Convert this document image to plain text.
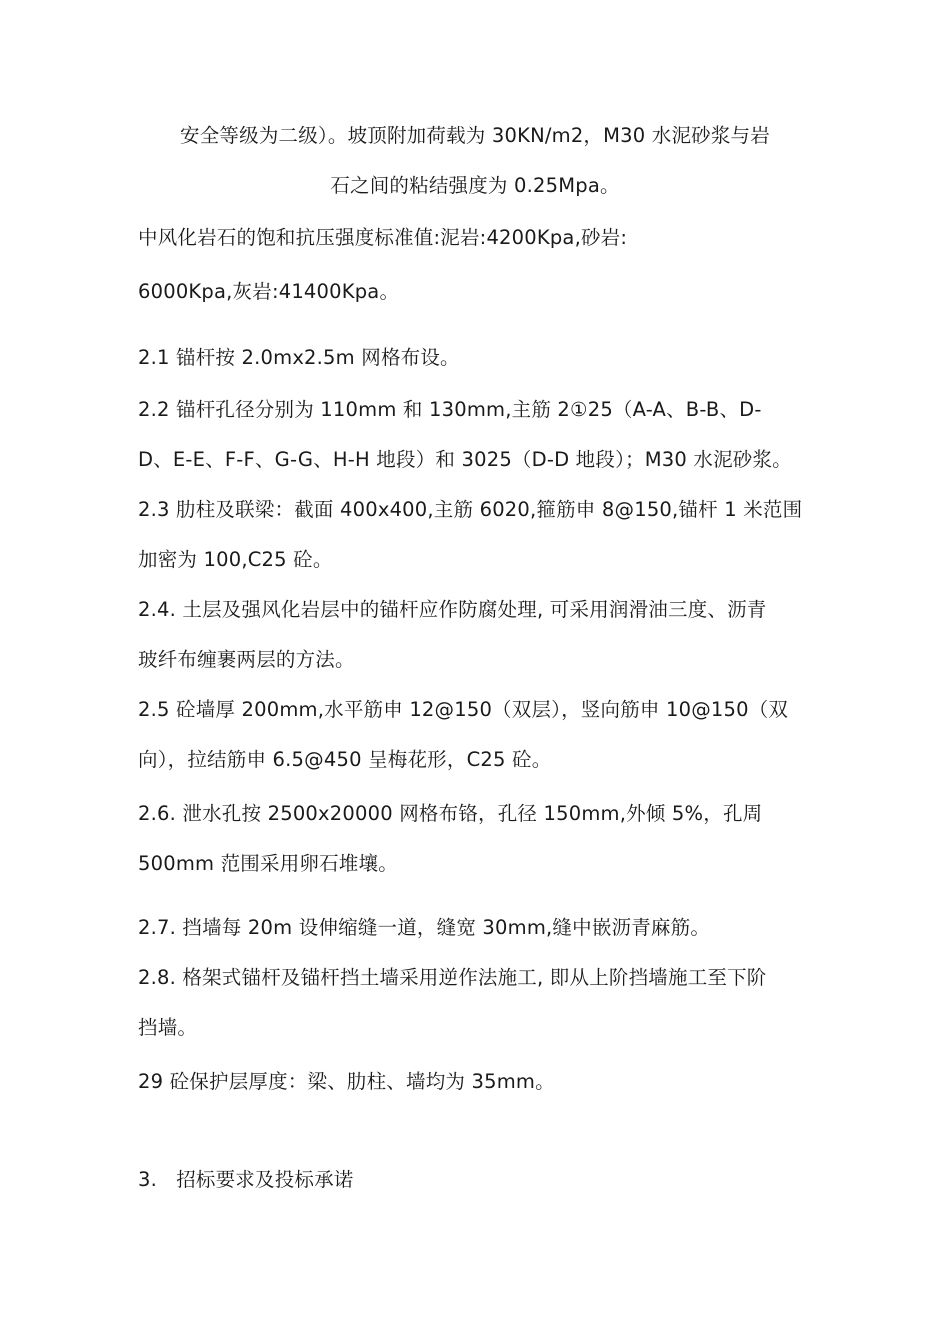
安全等级为二级）。坡顶附加荷载为 30KN/m2，M30 水泥砂浆与岩
石之间的粘结强度为 0.25Mpa。
中风化岩石的饱和抗压强度标准值:泥岩:4200Kpa,砂岩:
6000Kpa,灰岩:41400Kpa。
2.1 锚杆按 2.0mx2.5m 网格布设。
2.2 锚杆孔径分别为 110mm 和 130mm,主筋 2①25（A-A、B-B、D-
D、E-E、F-F、G-G、H-H 地段）和 3025（D-D 地段）；M30 水泥砂浆。
2.3 肋柱及联梁：截面 400x400,主筋 6020,箍筋申 8@150,锚杆 1 米范围
加密为 100,C25 砼。
2.4. 土层及强风化岩层中的锚杆应作防腐处理, 可采用润滑油三度、沥青
玻纤布缠裹两层的方法。
2.5 砼墙厚 200mm,水平筋申 12@150（双层），竖向筋申 10@150（双
向），拉结筋申 6.5@450 呈梅花形，C25 砼。
2.6. 泄水孔按 2500x20000 网格布铬，孔径 150mm,外倾 5%，孔周
500mm 范围采用卵石堆壤。
2.7. 挡墙每 20m 设伸缩缝一道，缝宽 30mm,缝中嵌沥青麻筋。
2.8. 格架式锚杆及锚杆挡土墙采用逆作法施工, 即从上阶挡墙施工至下阶
挡墙。
29 砼保护层厚度：梁、肋柱、墙均为 35mm。
3.   招标要求及投标承诺
